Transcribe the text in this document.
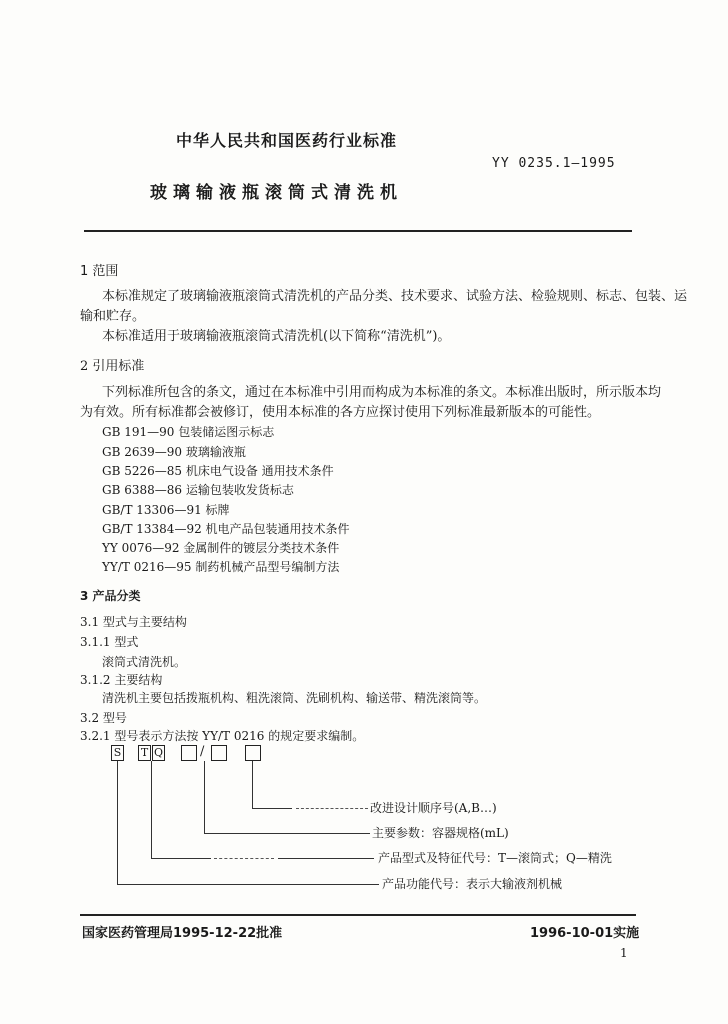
中华人民共和国医药行业标准
YY 0235.1—1995
玻璃输液瓶滚筒式清洗机
1 范围
本标准规定了玻璃输液瓶滚筒式清洗机的产品分类、技术要求、试验方法、检验规则、标志、包装、运
输和贮存。
本标准适用于玻璃输液瓶滚筒式清洗机(以下简称“清洗机”)。
2 引用标准
下列标准所包含的条文，通过在本标准中引用而构成为本标准的条文。本标准出版时，所示版本均
为有效。所有标准都会被修订，使用本标准的各方应探讨使用下列标准最新版本的可能性。
GB 191—90 包装储运图示标志
GB 2639—90 玻璃输液瓶
GB 5226—85 机床电气设备 通用技术条件
GB 6388—86 运输包装收发货标志
GB/T 13306—91 标牌
GB/T 13384—92 机电产品包装通用技术条件
YY 0076—92 金属制件的镀层分类技术条件
YY/T 0216—95 制药机械产品型号编制方法
3 产品分类
3.1 型式与主要结构
3.1.1 型式
滚筒式清洗机。
3.1.2 主要结构
清洗机主要包括拨瓶机构、粗洗滚筒、洗刷机构、输送带、精洗滚筒等。
3.2 型号
3.2.1 型号表示方法按 YY/T 0216 的规定要求编制。
S T Q	/
改进设计顺序号(A,B…)
主要参数：容器规格(mL)
产品型式及特征代号：T—滚筒式；Q—精洗
产品功能代号：表示大输液剂机械
国家医药管理局1995-12-22批准	1996-10-01实施
1
